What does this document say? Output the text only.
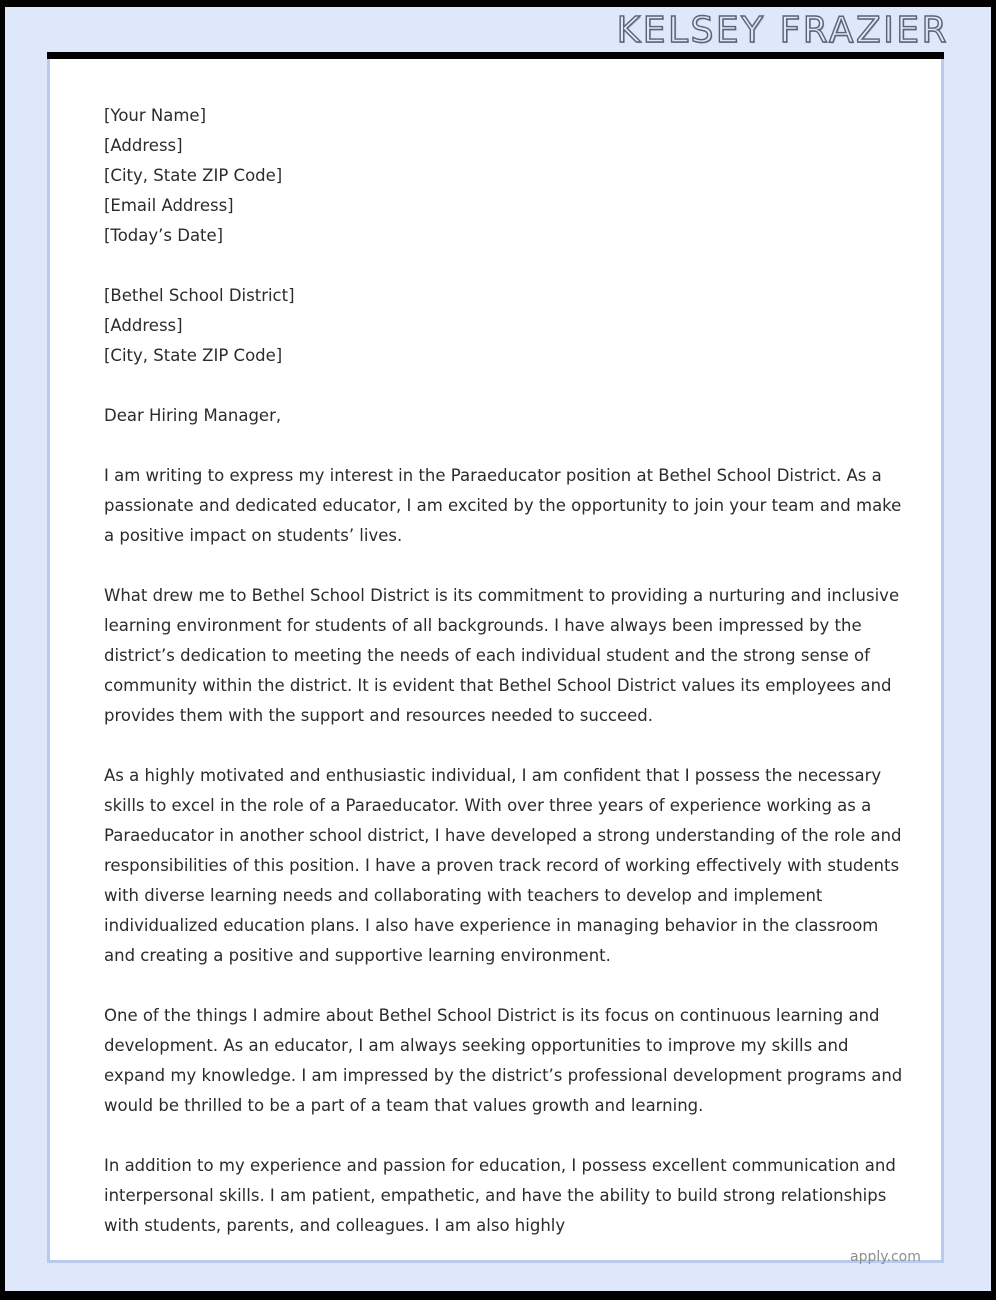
KELSEY FRAZIER
[Your Name]
[Address]
[City, State ZIP Code]
[Email Address]
[Today’s Date]
[Bethel School District]
[Address]
[City, State ZIP Code]
Dear Hiring Manager,

I am writing to express my interest in the Paraeducator position at Bethel School District. As a passionate and dedicated educator, I am excited by the opportunity to join your team and make a positive impact on students’ lives.

What drew me to Bethel School District is its commitment to providing a nurturing and inclusive learning environment for students of all backgrounds. I have always been impressed by the district’s dedication to meeting the needs of each individual student and the strong sense of community within the district. It is evident that Bethel School District values its employees and provides them with the support and resources needed to succeed.

As a highly motivated and enthusiastic individual, I am confident that I possess the necessary skills to excel in the role of a Paraeducator. With over three years of experience working as a Paraeducator in another school district, I have developed a strong understanding of the role and responsibilities of this position. I have a proven track record of working effectively with students with diverse learning needs and collaborating with teachers to develop and implement individualized education plans. I also have experience in managing behavior in the classroom and creating a positive and supportive learning environment.

One of the things I admire about Bethel School District is its focus on continuous learning and development. As an educator, I am always seeking opportunities to improve my skills and expand my knowledge. I am impressed by the district’s professional development programs and would be thrilled to be a part of a team that values growth and learning.

In addition to my experience and passion for education, I possess excellent communication and interpersonal skills. I am patient, empathetic, and have the ability to build strong relationships with students, parents, and colleagues. I am also highly

apply.com
